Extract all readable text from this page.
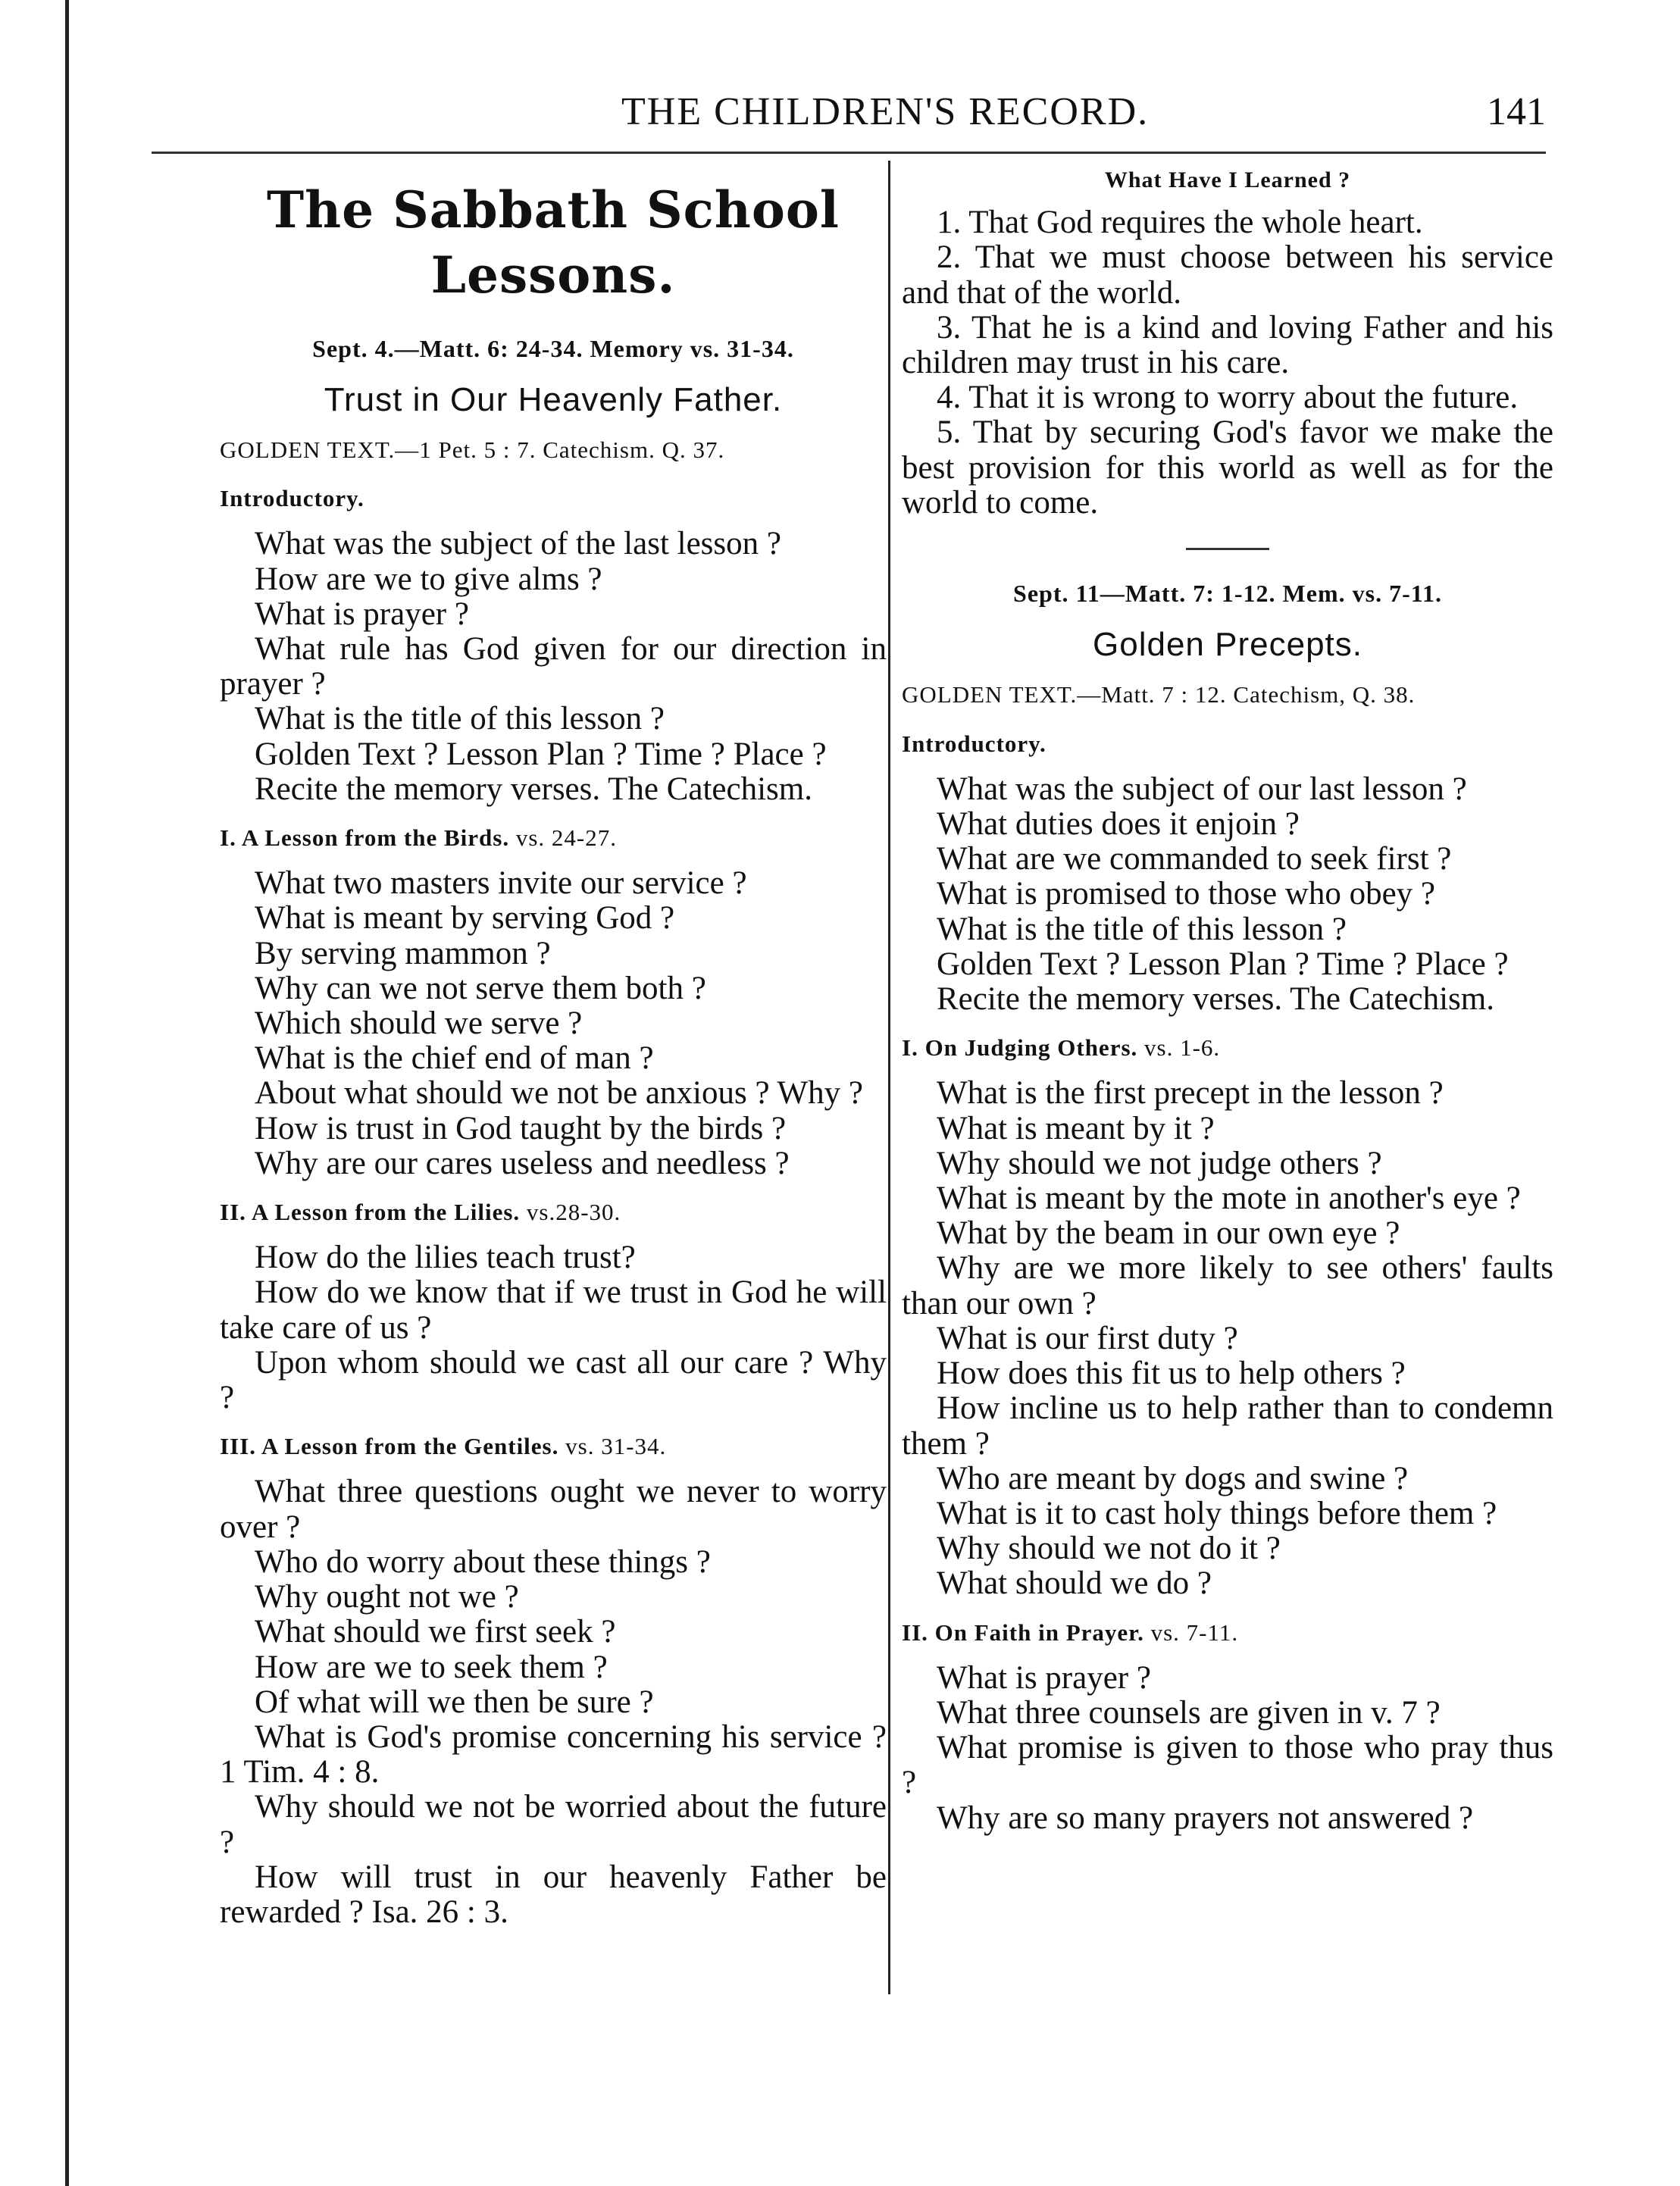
THE CHILDREN'S RECORD.	141
The Sabbath School Lessons.
Sept. 4.—Matt. 6: 24-34. Memory vs. 31-34.
Trust in Our Heavenly Father.
GOLDEN TEXT.—1 Pet. 5 : 7. Catechism. Q. 37.
Introductory.

What was the subject of the last lesson ?

How are we to give alms ?

What is prayer ?

What rule has God given for our direction in prayer ?

What is the title of this lesson ?

Golden Text ? Lesson Plan ? Time ? Place ?

Recite the memory verses. The Catechism.

I. A Lesson from the Birds. vs. 24-27.

What two masters invite our service ?

What is meant by serving God ?

By serving mammon ?

Why can we not serve them both ?

Which should we serve ?

What is the chief end of man ?

About what should we not be anxious ? Why ?

How is trust in God taught by the birds ?

Why are our cares useless and needless ?

II. A Lesson from the Lilies. vs.28-30.

How do the lilies teach trust?

How do we know that if we trust in God he will take care of us ?

Upon whom should we cast all our care ? Why ?

III. A Lesson from the Gentiles. vs. 31-34.

What three questions ought we never to worry over ?

Who do worry about these things ?

Why ought not we ?

What should we first seek ?

How are we to seek them ?

Of what will we then be sure ?

What is God's promise concerning his service ? 1 Tim. 4 : 8.

Why should we not be worried about the future ?

How will trust in our heavenly Father be rewarded ? Isa. 26 : 3.

What Have I Learned ?

1. That God requires the whole heart.

2. That we must choose between his service and that of the world.

3. That he is a kind and loving Father and his children may trust in his care.

4. That it is wrong to worry about the future.

5. That by securing God's favor we make the best provision for this world as well as for the world to come.

Sept. 11—Matt. 7: 1-12. Mem. vs. 7-11.
Golden Precepts.
GOLDEN TEXT.—Matt. 7 : 12. Catechism, Q. 38.
Introductory.

What was the subject of our last lesson ?

What duties does it enjoin ?

What are we commanded to seek first ?

What is promised to those who obey ?

What is the title of this lesson ?

Golden Text ? Lesson Plan ? Time ? Place ?

Recite the memory verses. The Catechism.

I. On Judging Others. vs. 1-6.

What is the first precept in the lesson ?

What is meant by it ?

Why should we not judge others ?

What is meant by the mote in another's eye ?

What by the beam in our own eye ?

Why are we more likely to see others' faults than our own ?

What is our first duty ?

How does this fit us to help others ?

How incline us to help rather than to condemn them ?

Who are meant by dogs and swine ?

What is it to cast holy things before them ?

Why should we not do it ?

What should we do ?

II. On Faith in Prayer. vs. 7-11.

What is prayer ?

What three counsels are given in v. 7 ?

What promise is given to those who pray thus ?

Why are so many prayers not answered ?
